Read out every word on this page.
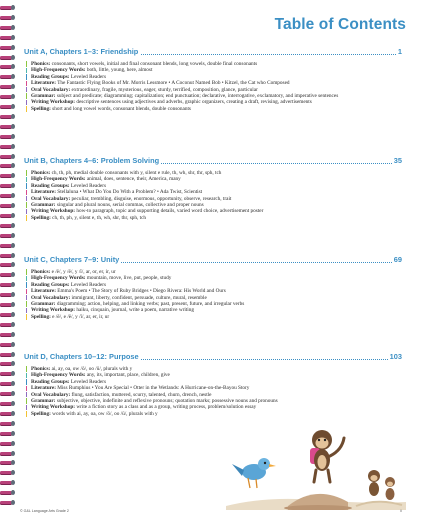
Table of Contents
Unit A, Chapters 1–3: Friendship	1
Phonics: consonants, short vowels, initial and final consonant blends, long vowels, double final consonants
High-Frequency Words: both, little, young, here, almost
Reading Groups: Leveled Readers
Literature: The Fantastic Flying Books of Mr. Morris Lessmore • A Coconut Named Bob • Kitzel, the Cat who Composed
Oral Vocabulary: extraordinary, fragile, mysterious, eager, sturdy, terrified, composition, glance, particular
Grammar: subject and predicate; diagramming; capitalization; end punctuation; declarative, interrogative, exclamatory, and imperative sentences
Writing Workshop: descriptive sentences using adjectives and adverbs, graphic organizers, creating a draft, revising, advertisements
Spelling: short and long vowel words, consonant blends, double consonants
Unit B, Chapters 4–6: Problem Solving	35
Phonics: ch, th, ph, medial double consonants with y, silent e rule, th, wh, shr, thr, sph, tch
High-Frequency Words: animal, does, sentence, their, America, many
Reading Groups: Leveled Readers
Literature: Stellaluna • What Do You Do With a Problem? • Ada Twist, Scientist
Oral Vocabulary: peculiar, trembling, disguise, enormous, opportunity, observe, research, trait
Grammar: singular and plural nouns, serial commas, collective and proper nouns
Writing Workshop: how-to paragraph, topic and supporting details, varied word choice, advertisement poster
Spelling: ch, th, ph, y, silent e, th, wh, shr, thr, sph, tch
Unit C, Chapters 7–9: Unity	69
Phonics: e /ē/, y /ē/, y /ī/, ar, or, er, ir, ur
High-Frequency Words: mountain, move, live, put, people, study
Reading Groups: Leveled Readers
Literature: Emma's Poem • The Story of Ruby Bridges • Diego Rivera: His World and Ours
Oral Vocabulary: immigrant, liberty, confident, persuade, culture, mural, resemble
Grammar: diagramming; action, helping, and linking verbs; past, present, future, and irregular verbs
Writing Workshop: haiku, cinquain, journal, write a poem, narrative writing
Spelling: e /ē/, e /ē/, y /ī/, ar, er, ir, ur
Unit D, Chapters 10–12: Purpose	103
Phonics: ai, ay, oa, ow /ō/, oo /ū/, plurals with y
High-Frequency Words: any, its, important, place, children, give
Reading Groups: Leveled Readers
Literature: Miss Rumphius • You Are Special • Otter in the Wetlands: A Hurricane-on-the-Bayou Story
Oral Vocabulary: flung, satisfaction, muttered, scurry, talented, churn, drench, nestle
Grammar: subjective, objective, indefinite and reflexive pronouns; quotation marks; possessive nouns and pronouns
Writing Workshop: write a fiction story as a class and as a group, writing process, problem/solution essay
Spelling: words with ai, ay, oa, ow /ō/, oo /ū/, plurals with y
© G&L Language Arts Grade 2	ii
